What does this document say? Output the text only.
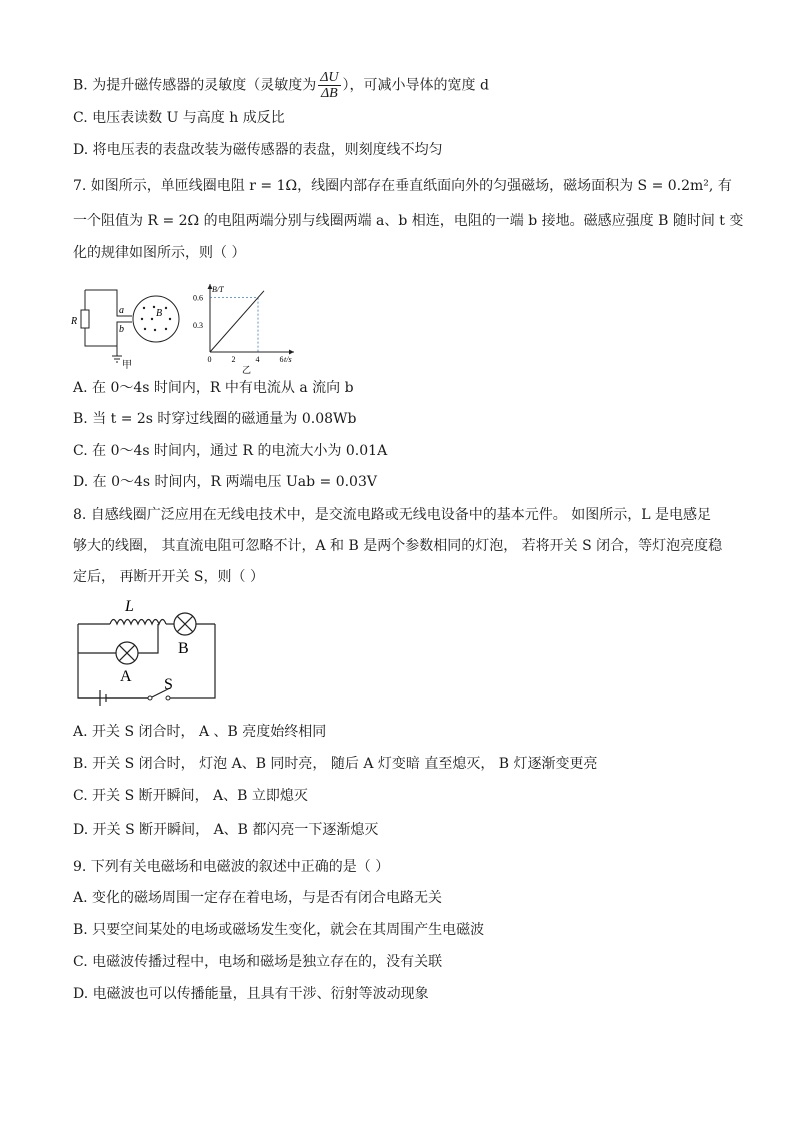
B. 为提升磁传感器的灵敏度（灵敏度为 $\frac{\Delta U}{\Delta B}$ ），可减小导体的宽度 d
C. 电压表读数 U 与高度 h 成反比
D. 将电压表的表盘改装为磁传感器的表盘，则刻度线不均匀
7. 如图所示，单匝线圈电阻 r = 1Ω，线圈内部存在垂直纸面向外的匀强磁场，磁场面积为 S = 0.2m², 有
一个阻值为 R = 2Ω 的电阻两端分别与线圈两端 a、b 相连，电阻的一端 b 接地。磁感应强度 B 随时间 t 变
化的规律如图所示，则（ ）
R
a
b
B
甲
B/T
t/s
0	2	4	6
0.3
0.6
乙
A. 在 0～4s 时间内，R 中有电流从 a 流向 b
B. 当 t = 2s 时穿过线圈的磁通量为 0.08Wb
C. 在 0～4s 时间内，通过 R 的电流大小为 0.01A
D. 在 0～4s 时间内，R 两端电压 Uab = 0.03V
8. 自感线圈广泛应用在无线电技术中，是交流电路或无线电设备中的基本元件。 如图所示，L 是电感足
够大的线圈， 其直流电阻可忽略不计，A 和 B 是两个参数相同的灯泡， 若将开关 S 闭合，等灯泡亮度稳
定后， 再断开开关 S，则（ ）
L
B
A S
A. 开关 S 闭合时， A 、B 亮度始终相同
B. 开关 S 闭合时， 灯泡 A、B 同时亮， 随后 A 灯变暗 直至熄灭， B 灯逐渐变更亮
C. 开关 S 断开瞬间， A、B 立即熄灭
D. 开关 S 断开瞬间， A、B 都闪亮一下逐渐熄灭
9. 下列有关电磁场和电磁波的叙述中正确的是（ ）
A. 变化的磁场周围一定存在着电场，与是否有闭合电路无关
B. 只要空间某处的电场或磁场发生变化，就会在其周围产生电磁波
C. 电磁波传播过程中，电场和磁场是独立存在的，没有关联
D. 电磁波也可以传播能量，且具有干涉、衍射等波动现象
